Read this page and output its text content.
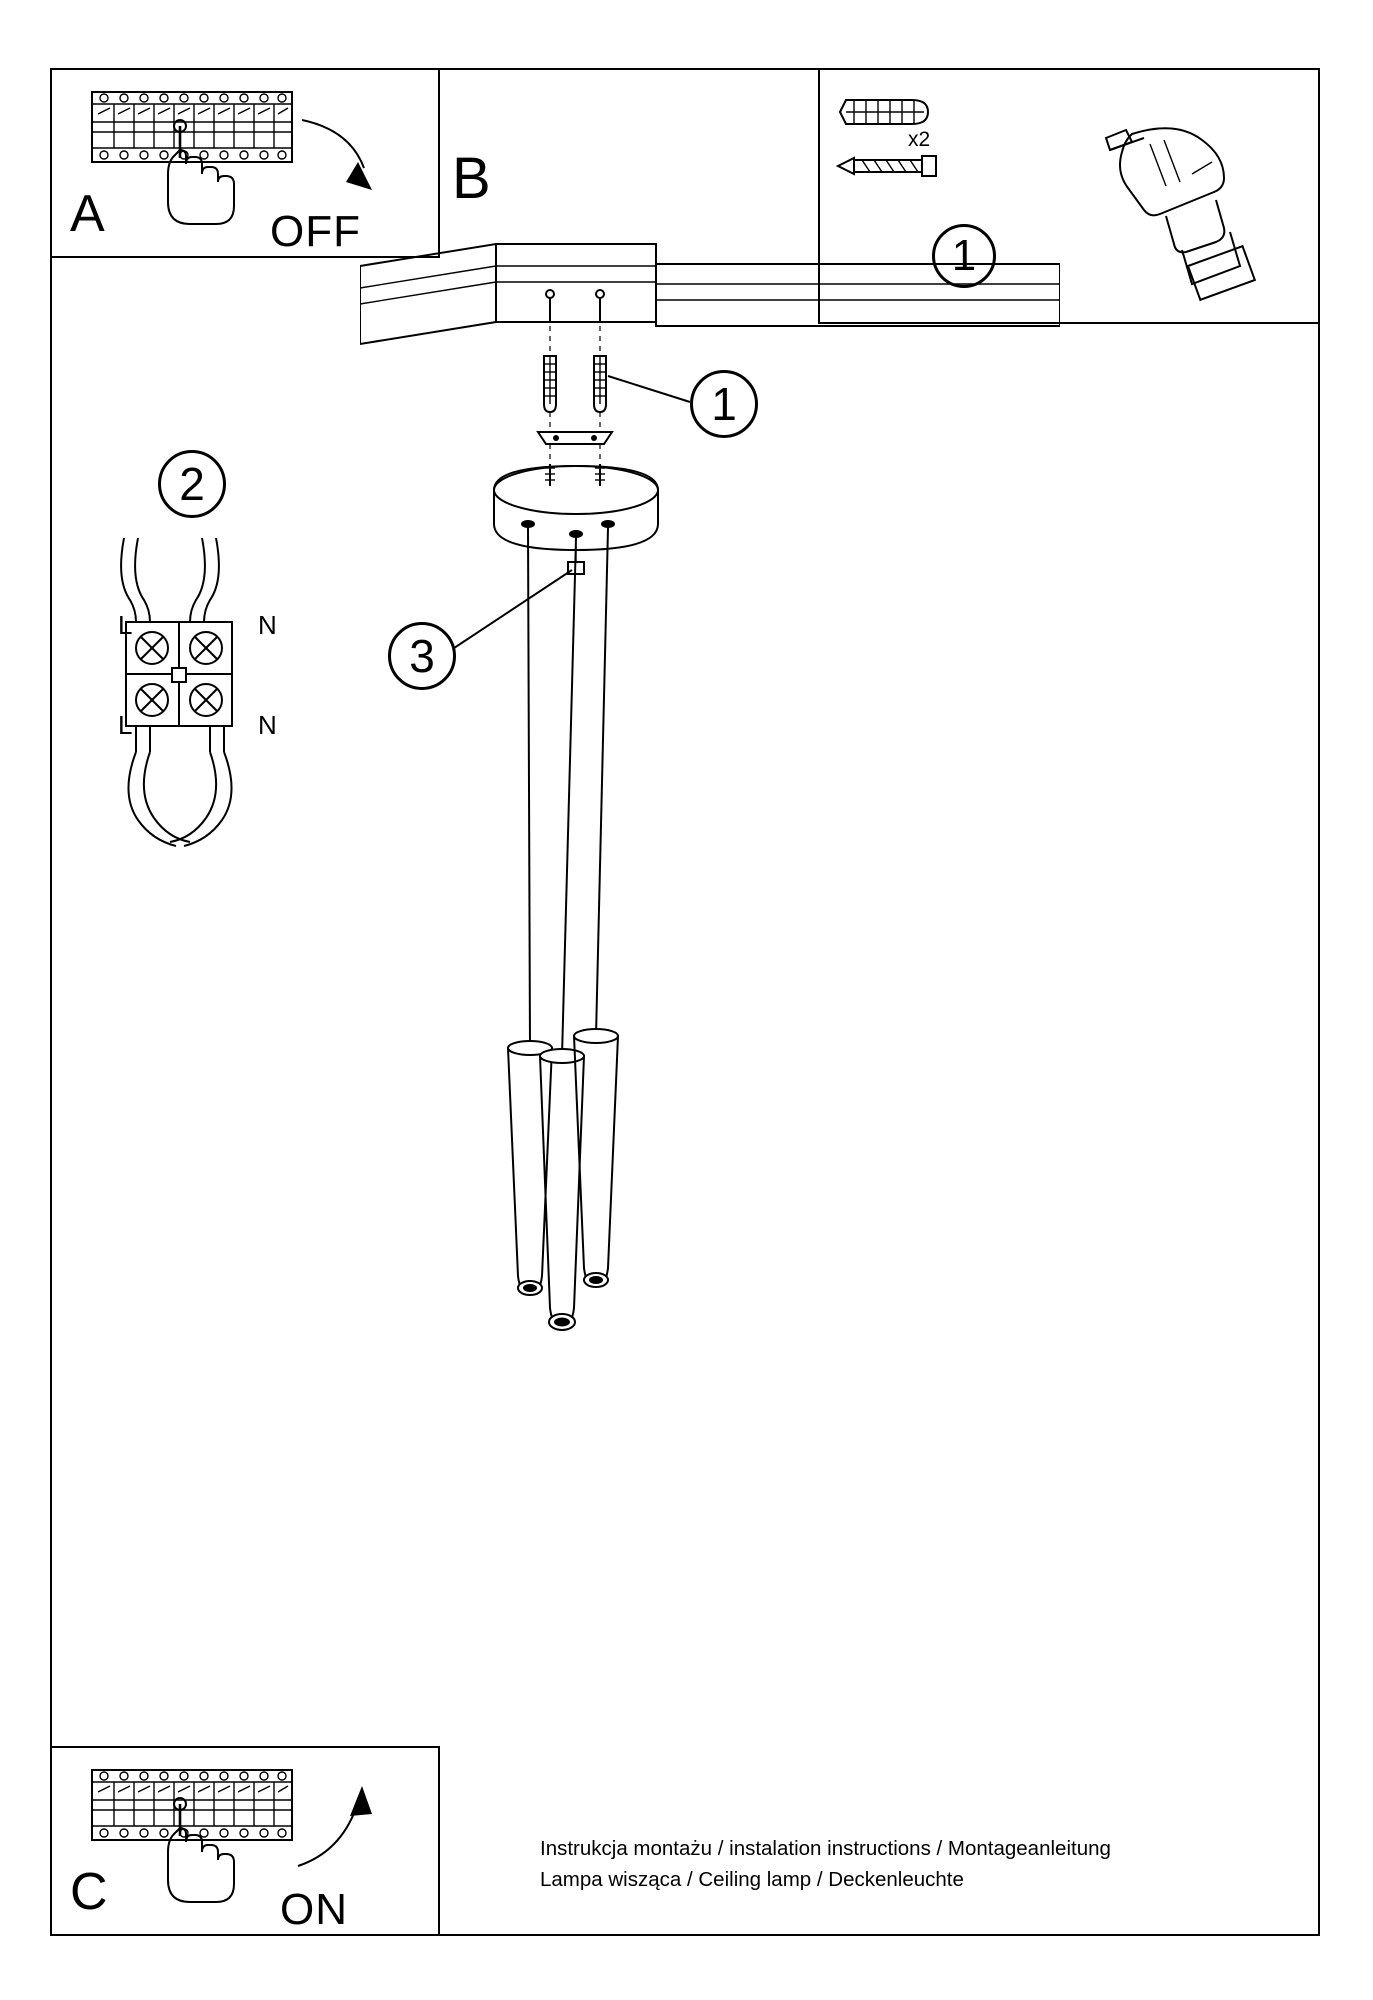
A	OFF
B
x2
1
1
3
2
L	N
L	N
C	ON
Instrukcja montażu / instalation instructions / Montageanleitung
Lampa wisząca / Ceiling lamp / Deckenleuchte
